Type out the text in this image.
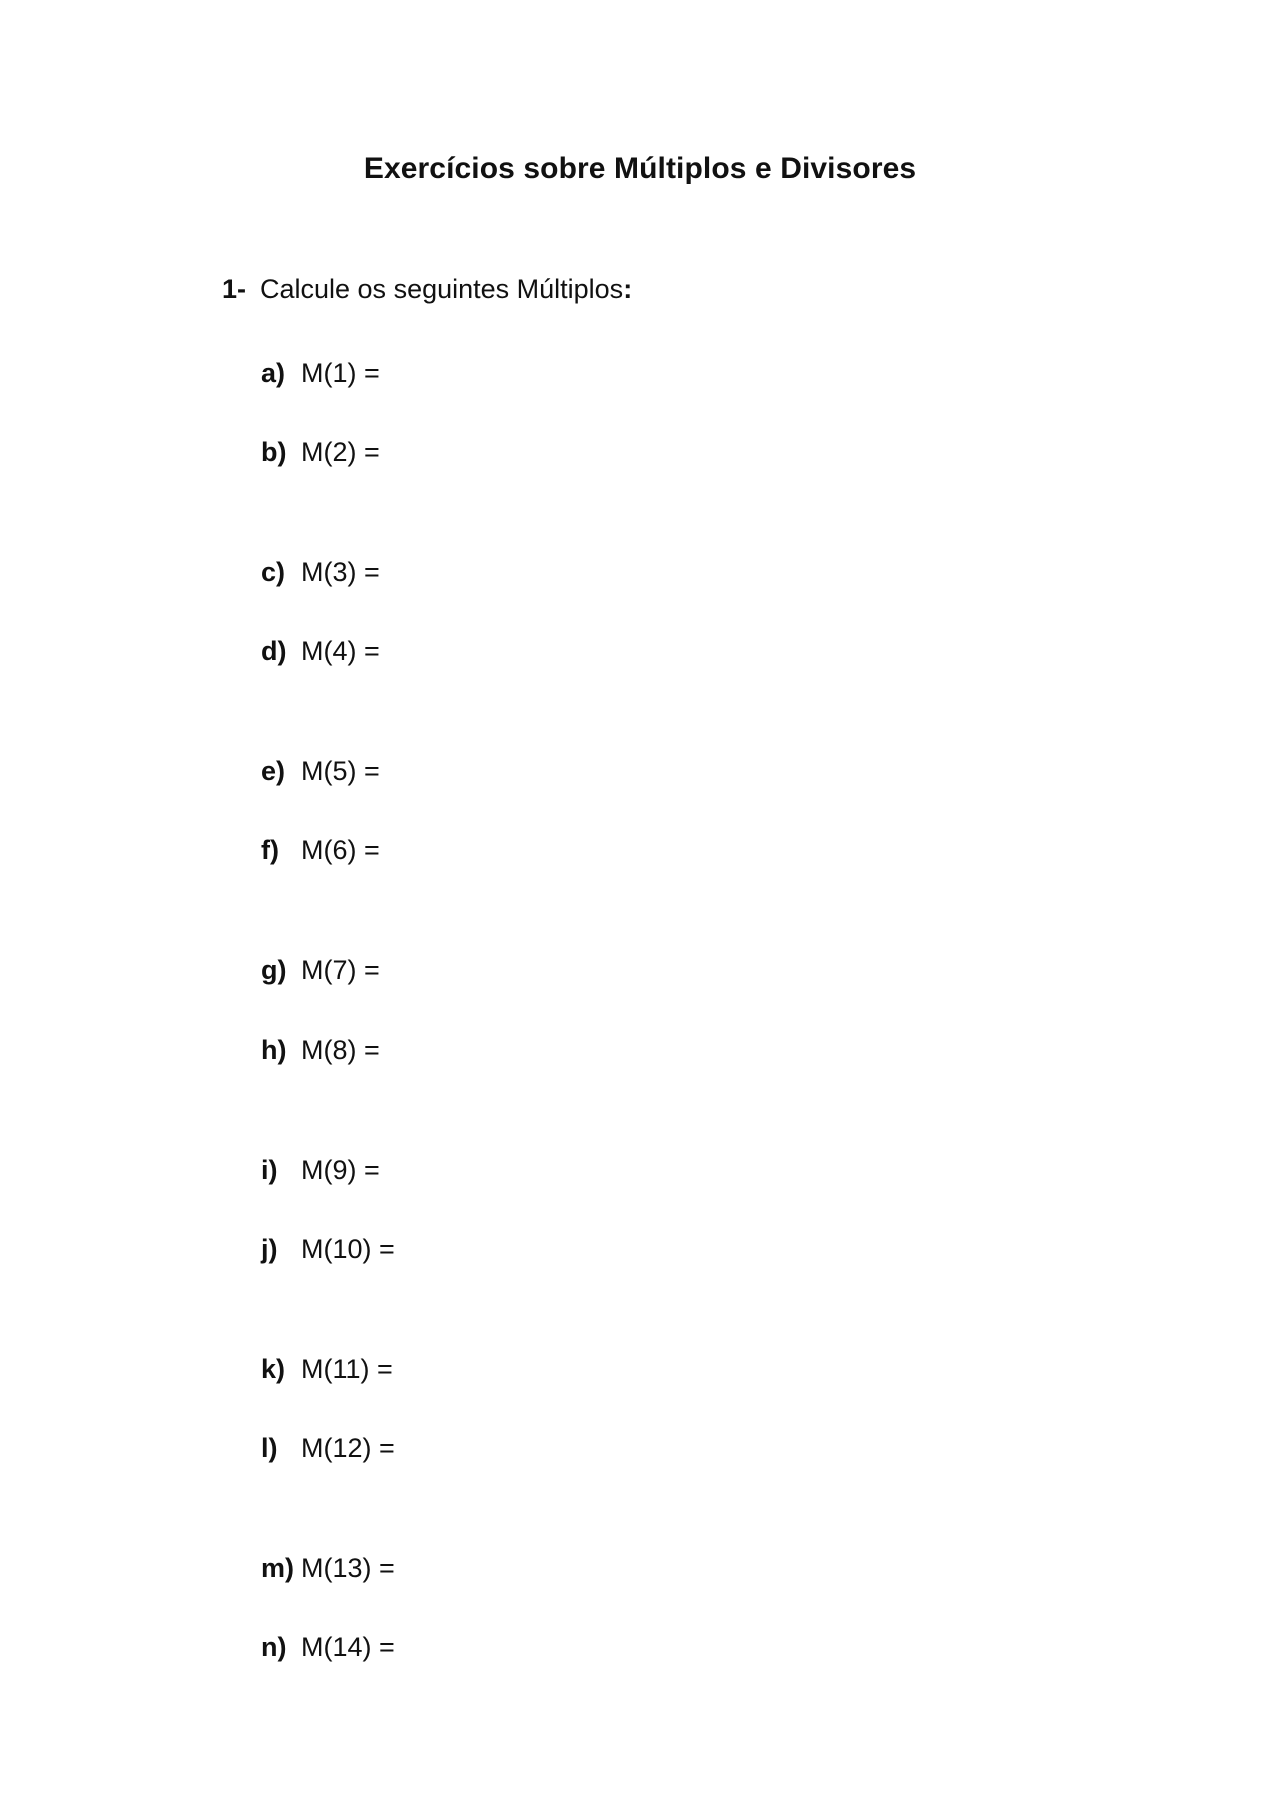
Exercícios sobre Múltiplos e Divisores
1- Calcule os seguintes Múltiplos:
a) M(1) =
b) M(2) =
c) M(3) =
d) M(4) =
e) M(5) =
f) M(6) =
g) M(7) =
h) M(8) =
i) M(9) =
j) M(10) =
k) M(11) =
l) M(12) =
m) M(13) =
n) M(14) =
